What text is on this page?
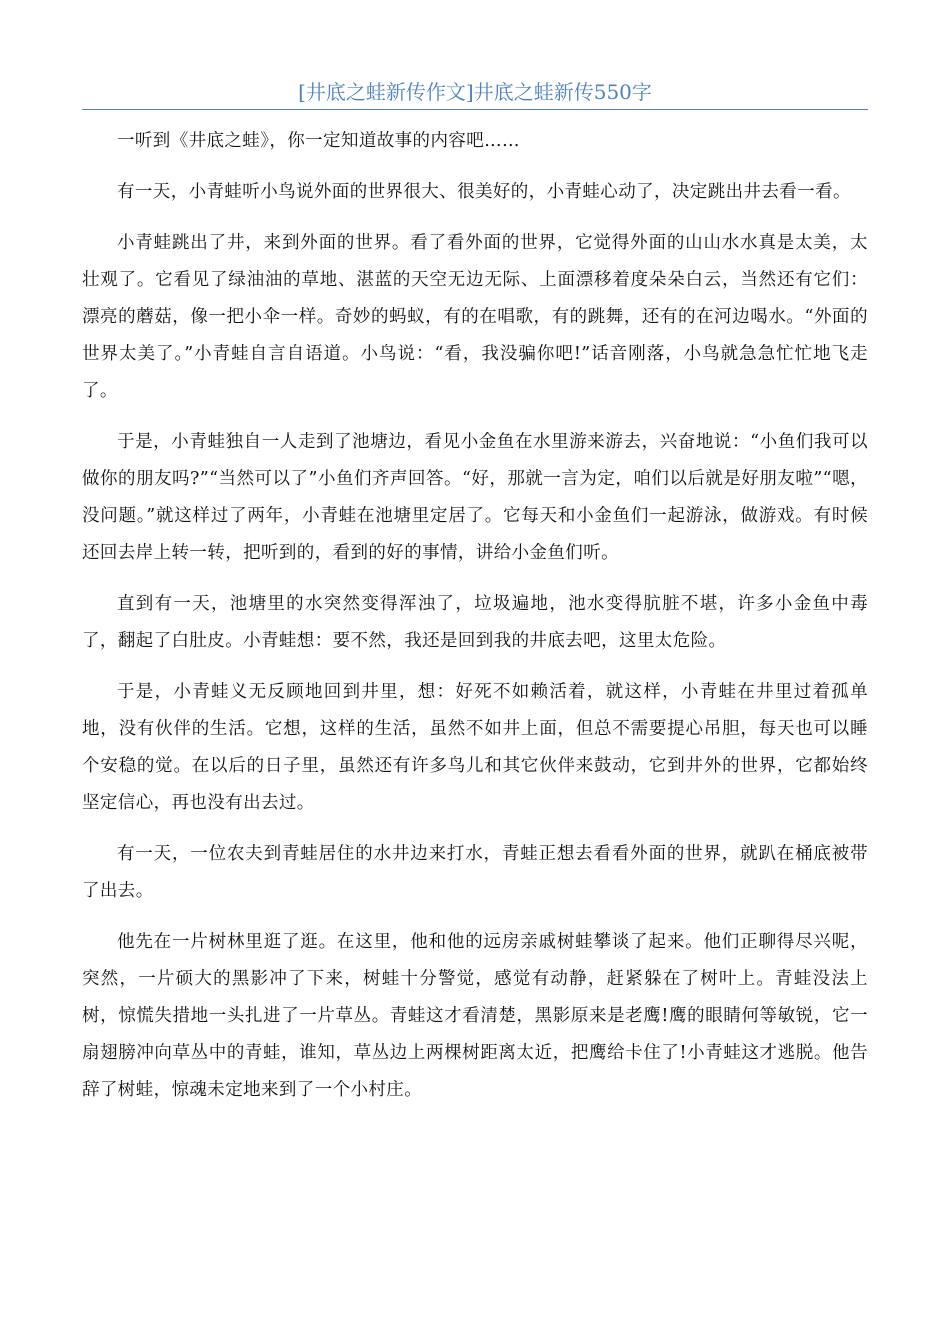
[井底之蛙新传作文]井底之蛙新传550字

一听到《井底之蛙》，你一定知道故事的内容吧……

有一天，小青蛙听小鸟说外面的世界很大、很美好的，小青蛙心动了，决定跳出井去看一看。

小青蛙跳出了井，来到外面的世界。看了看外面的世界，它觉得外面的山山水水真是太美，太壮观了。它看见了绿油油的草地、湛蓝的天空无边无际、上面漂移着度朵朵白云，当然还有它们：漂亮的蘑菇，像一把小伞一样。奇妙的蚂蚁，有的在唱歌，有的跳舞，还有的在河边喝水。“外面的世界太美了。”小青蛙自言自语道。小鸟说：“看，我没骗你吧!”话音刚落，小鸟就急急忙忙地飞走了。

于是，小青蛙独自一人走到了池塘边，看见小金鱼在水里游来游去，兴奋地说：“小鱼们我可以做你的朋友吗?”“当然可以了”小鱼们齐声回答。“好，那就一言为定，咱们以后就是好朋友啦”“嗯，没问题。”就这样过了两年，小青蛙在池塘里定居了。它每天和小金鱼们一起游泳，做游戏。有时候还回去岸上转一转，把听到的，看到的好的事情，讲给小金鱼们听。

直到有一天，池塘里的水突然变得浑浊了，垃圾遍地，池水变得肮脏不堪，许多小金鱼中毒了，翻起了白肚皮。小青蛙想：要不然，我还是回到我的井底去吧，这里太危险。

于是，小青蛙义无反顾地回到井里，想：好死不如赖活着，就这样，小青蛙在井里过着孤单地，没有伙伴的生活。它想，这样的生活，虽然不如井上面，但总不需要提心吊胆，每天也可以睡个安稳的觉。在以后的日子里，虽然还有许多鸟儿和其它伙伴来鼓动，它到井外的世界，它都始终坚定信心，再也没有出去过。

有一天，一位农夫到青蛙居住的水井边来打水，青蛙正想去看看外面的世界，就趴在桶底被带了出去。

他先在一片树林里逛了逛。在这里，他和他的远房亲戚树蛙攀谈了起来。他们正聊得尽兴呢，突然，一片硕大的黑影冲了下来，树蛙十分警觉，感觉有动静，赶紧躲在了树叶上。青蛙没法上树，惊慌失措地一头扎进了一片草丛。青蛙这才看清楚，黑影原来是老鹰!鹰的眼睛何等敏锐，它一扇翅膀冲向草丛中的青蛙，谁知，草丛边上两棵树距离太近，把鹰给卡住了!小青蛙这才逃脱。他告辞了树蛙，惊魂未定地来到了一个小村庄。
